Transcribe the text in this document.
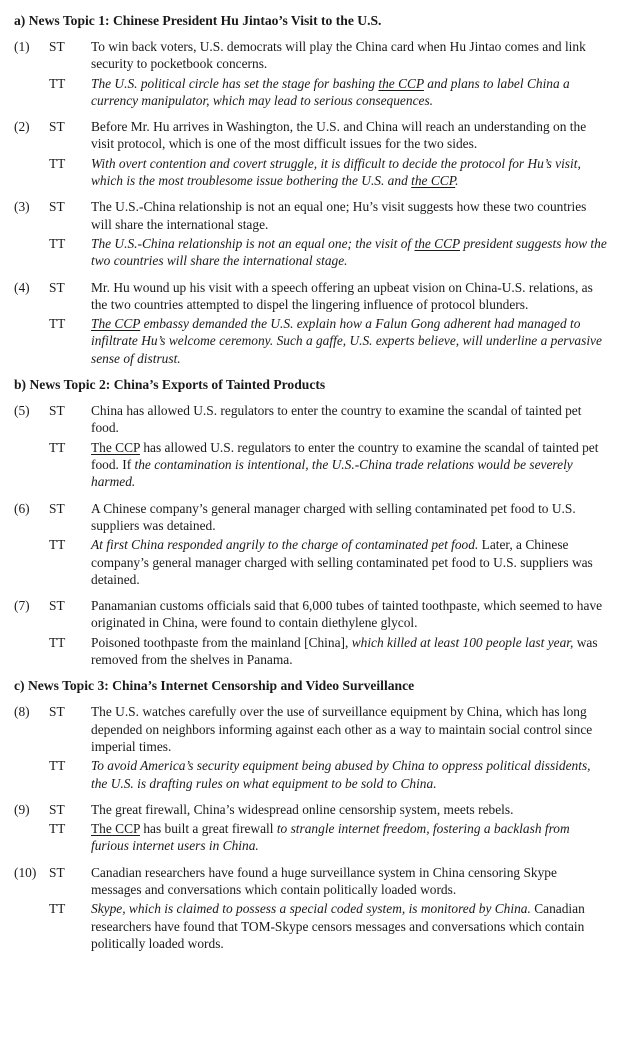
a) News Topic 1: Chinese President Hu Jintao’s Visit to the U.S.
(1)	ST	To win back voters, U.S. democrats will play the China card when Hu Jintao comes and link security to pocketbook concerns.
TT	The U.S. political circle has set the stage for bashing the CCP and plans to label China a currency manipulator, which may lead to serious consequences.
(2)	ST	Before Mr. Hu arrives in Washington, the U.S. and China will reach an understanding on the visit protocol, which is one of the most difficult issues for the two sides.
TT	With overt contention and covert struggle, it is difficult to decide the protocol for Hu’s visit, which is the most troublesome issue bothering the U.S. and the CCP.
(3)	ST	The U.S.-China relationship is not an equal one; Hu’s visit suggests how these two countries will share the international stage.
TT	The U.S.-China relationship is not an equal one; the visit of the CCP president suggests how the two countries will share the international stage.
(4)	ST	Mr. Hu wound up his visit with a speech offering an upbeat vision on China-U.S. relations, as the two countries attempted to dispel the lingering influence of protocol blunders.
TT	The CCP embassy demanded the U.S. explain how a Falun Gong adherent had managed to infiltrate Hu’s welcome ceremony. Such a gaffe, U.S. experts believe, will underline a pervasive sense of distrust.
b) News Topic 2: China’s Exports of Tainted Products
(5)	ST	China has allowed U.S. regulators to enter the country to examine the scandal of tainted pet food.
TT	The CCP has allowed U.S. regulators to enter the country to examine the scandal of tainted pet food. If the contamination is intentional, the U.S.-China trade relations would be severely harmed.
(6)	ST	A Chinese company’s general manager charged with selling contaminated pet food to U.S. suppliers was detained.
TT	At first China responded angrily to the charge of contaminated pet food. Later, a Chinese company’s general manager charged with selling contaminated pet food to U.S. suppliers was detained.
(7)	ST	Panamanian customs officials said that 6,000 tubes of tainted toothpaste, which seemed to have originated in China, were found to contain diethylene glycol.
TT	Poisoned toothpaste from the mainland [China], which killed at least 100 people last year, was removed from the shelves in Panama.
c) News Topic 3: China’s Internet Censorship and Video Surveillance
(8)	ST	The U.S. watches carefully over the use of surveillance equipment by China, which has long depended on neighbors informing against each other as a way to maintain social control since imperial times.
TT	To avoid America’s security equipment being abused by China to oppress political dissidents, the U.S. is drafting rules on what equipment to be sold to China.
(9)	ST	The great firewall, China’s widespread online censorship system, meets rebels.
TT	The CCP has built a great firewall to strangle internet freedom, fostering a backlash from furious internet users in China.
(10) ST	Canadian researchers have found a huge surveillance system in China censoring Skype messages and conversations which contain politically loaded words.
TT	Skype, which is claimed to possess a special coded system, is monitored by China. Canadian researchers have found that TOM-Skype censors messages and conversations which contain politically loaded words.
